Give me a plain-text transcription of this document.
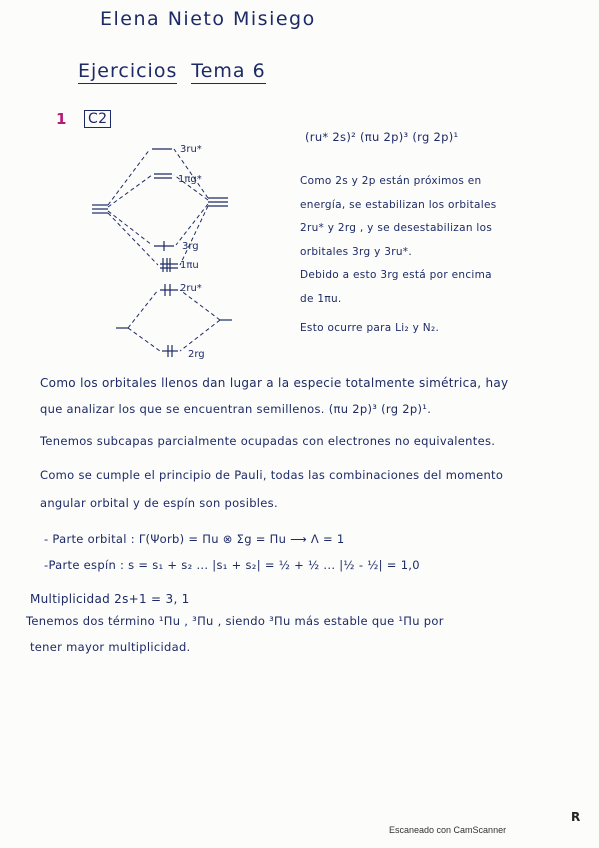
Elena Nieto Misiego
Ejercicios Tema 6
1 C2
3ru*
1πg*
3rg
1πu
2ru*
2rg
(ru* 2s)² (πu 2p)³ (rg 2p)¹
Como 2s y 2p están próximos en
energía, se estabilizan los orbitales
2ru* y 2rg , y se desestabilizan los
orbitales 3rg y 3ru*.
Debido a esto 3rg está por encima
de 1πu.
Esto ocurre para Li₂ y N₂.
Como los orbitales llenos dan lugar a la especie totalmente simétrica, hay
que analizar los que se encuentran semillenos. (πu 2p)³ (rg 2p)¹.
Tenemos subcapas parcialmente ocupadas con electrones no equivalentes.
Como se cumple el principio de Pauli, todas las combinaciones del momento
angular orbital y de espín son posibles.
- Parte orbital : Γ(Ψorb) = Πu ⊗ Σg = Πu ⟶ Λ = 1
-Parte espín : s = s₁ + s₂ ... |s₁ + s₂| = ½ + ½ ... |½ - ½| = 1,0
Multiplicidad 2s+1 = 3, 1
Tenemos dos término ¹Πu , ³Πu , siendo ³Πu más estable que ¹Πu por
tener mayor multiplicidad.
R
Escaneado con CamScanner
